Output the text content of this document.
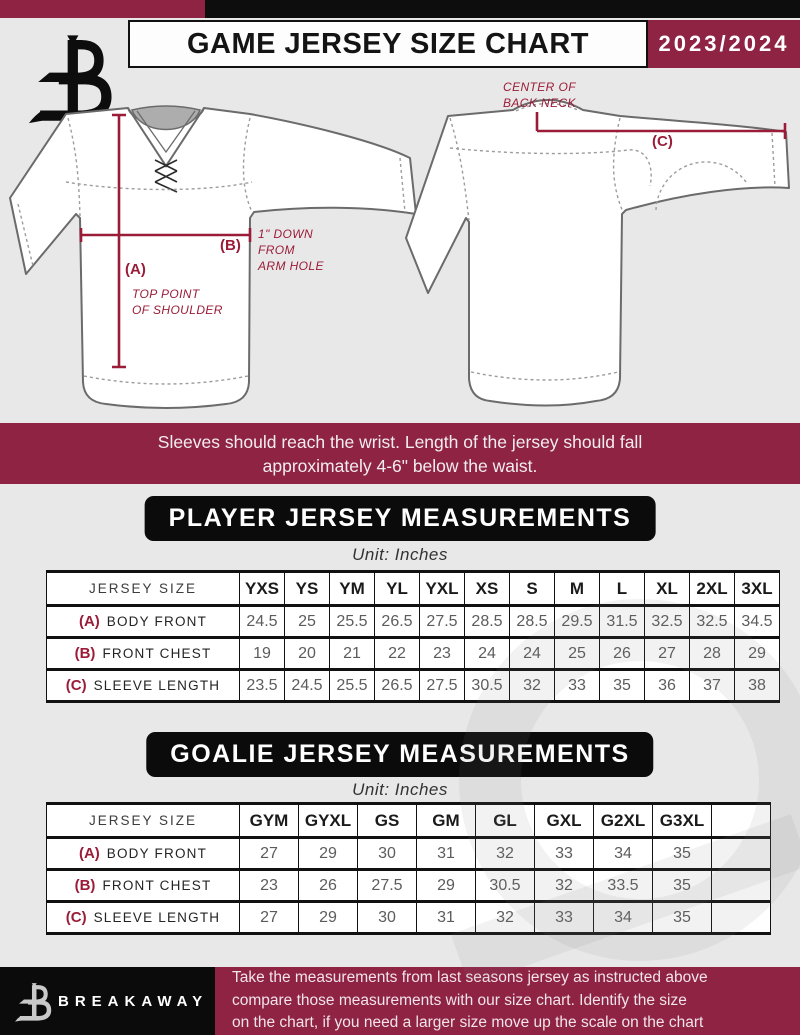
GAME JERSEY SIZE CHART	2023/2024
(A)
TOP POINT
OF SHOULDER
(B)
1" DOWN
FROM
ARM HOLE
CENTER OF
BACK NECK
(C)
Sleeves should reach the wrist. Length of the jersey should fall
approximately 4-6" below the waist.
PLAYER JERSEY MEASUREMENTS
Unit: Inches
JERSEY SIZE	YXS	YS	YM	YL	YXL	XS	S	M	L	XL	2XL	3XL
(A) BODY FRONT	24.5	25	25.5	26.5	27.5	28.5	28.5	29.5	31.5	32.5	32.5	34.5
(B) FRONT CHEST	19	20	21	22	23	24	24	25	26	27	28	29
(C) SLEEVE LENGTH	23.5	24.5	25.5	26.5	27.5	30.5	32	33	35	36	37	38
GOALIE JERSEY MEASUREMENTS
Unit: Inches
JERSEY SIZE	GYM	GYXL	GS	GM	GL	GXL	G2XL	G3XL	
(A) BODY FRONT	27	29	30	31	32	33	34	35	
(B) FRONT CHEST	23	26	27.5	29	30.5	32	33.5	35	
(C) SLEEVE LENGTH	27	29	30	31	32	33	34	35	
BREAKAWAY
Take the measurements from last seasons jersey as instructed above
compare those measurements with our size chart. Identify the size
on the chart, if you need a larger size move up the scale on the chart
